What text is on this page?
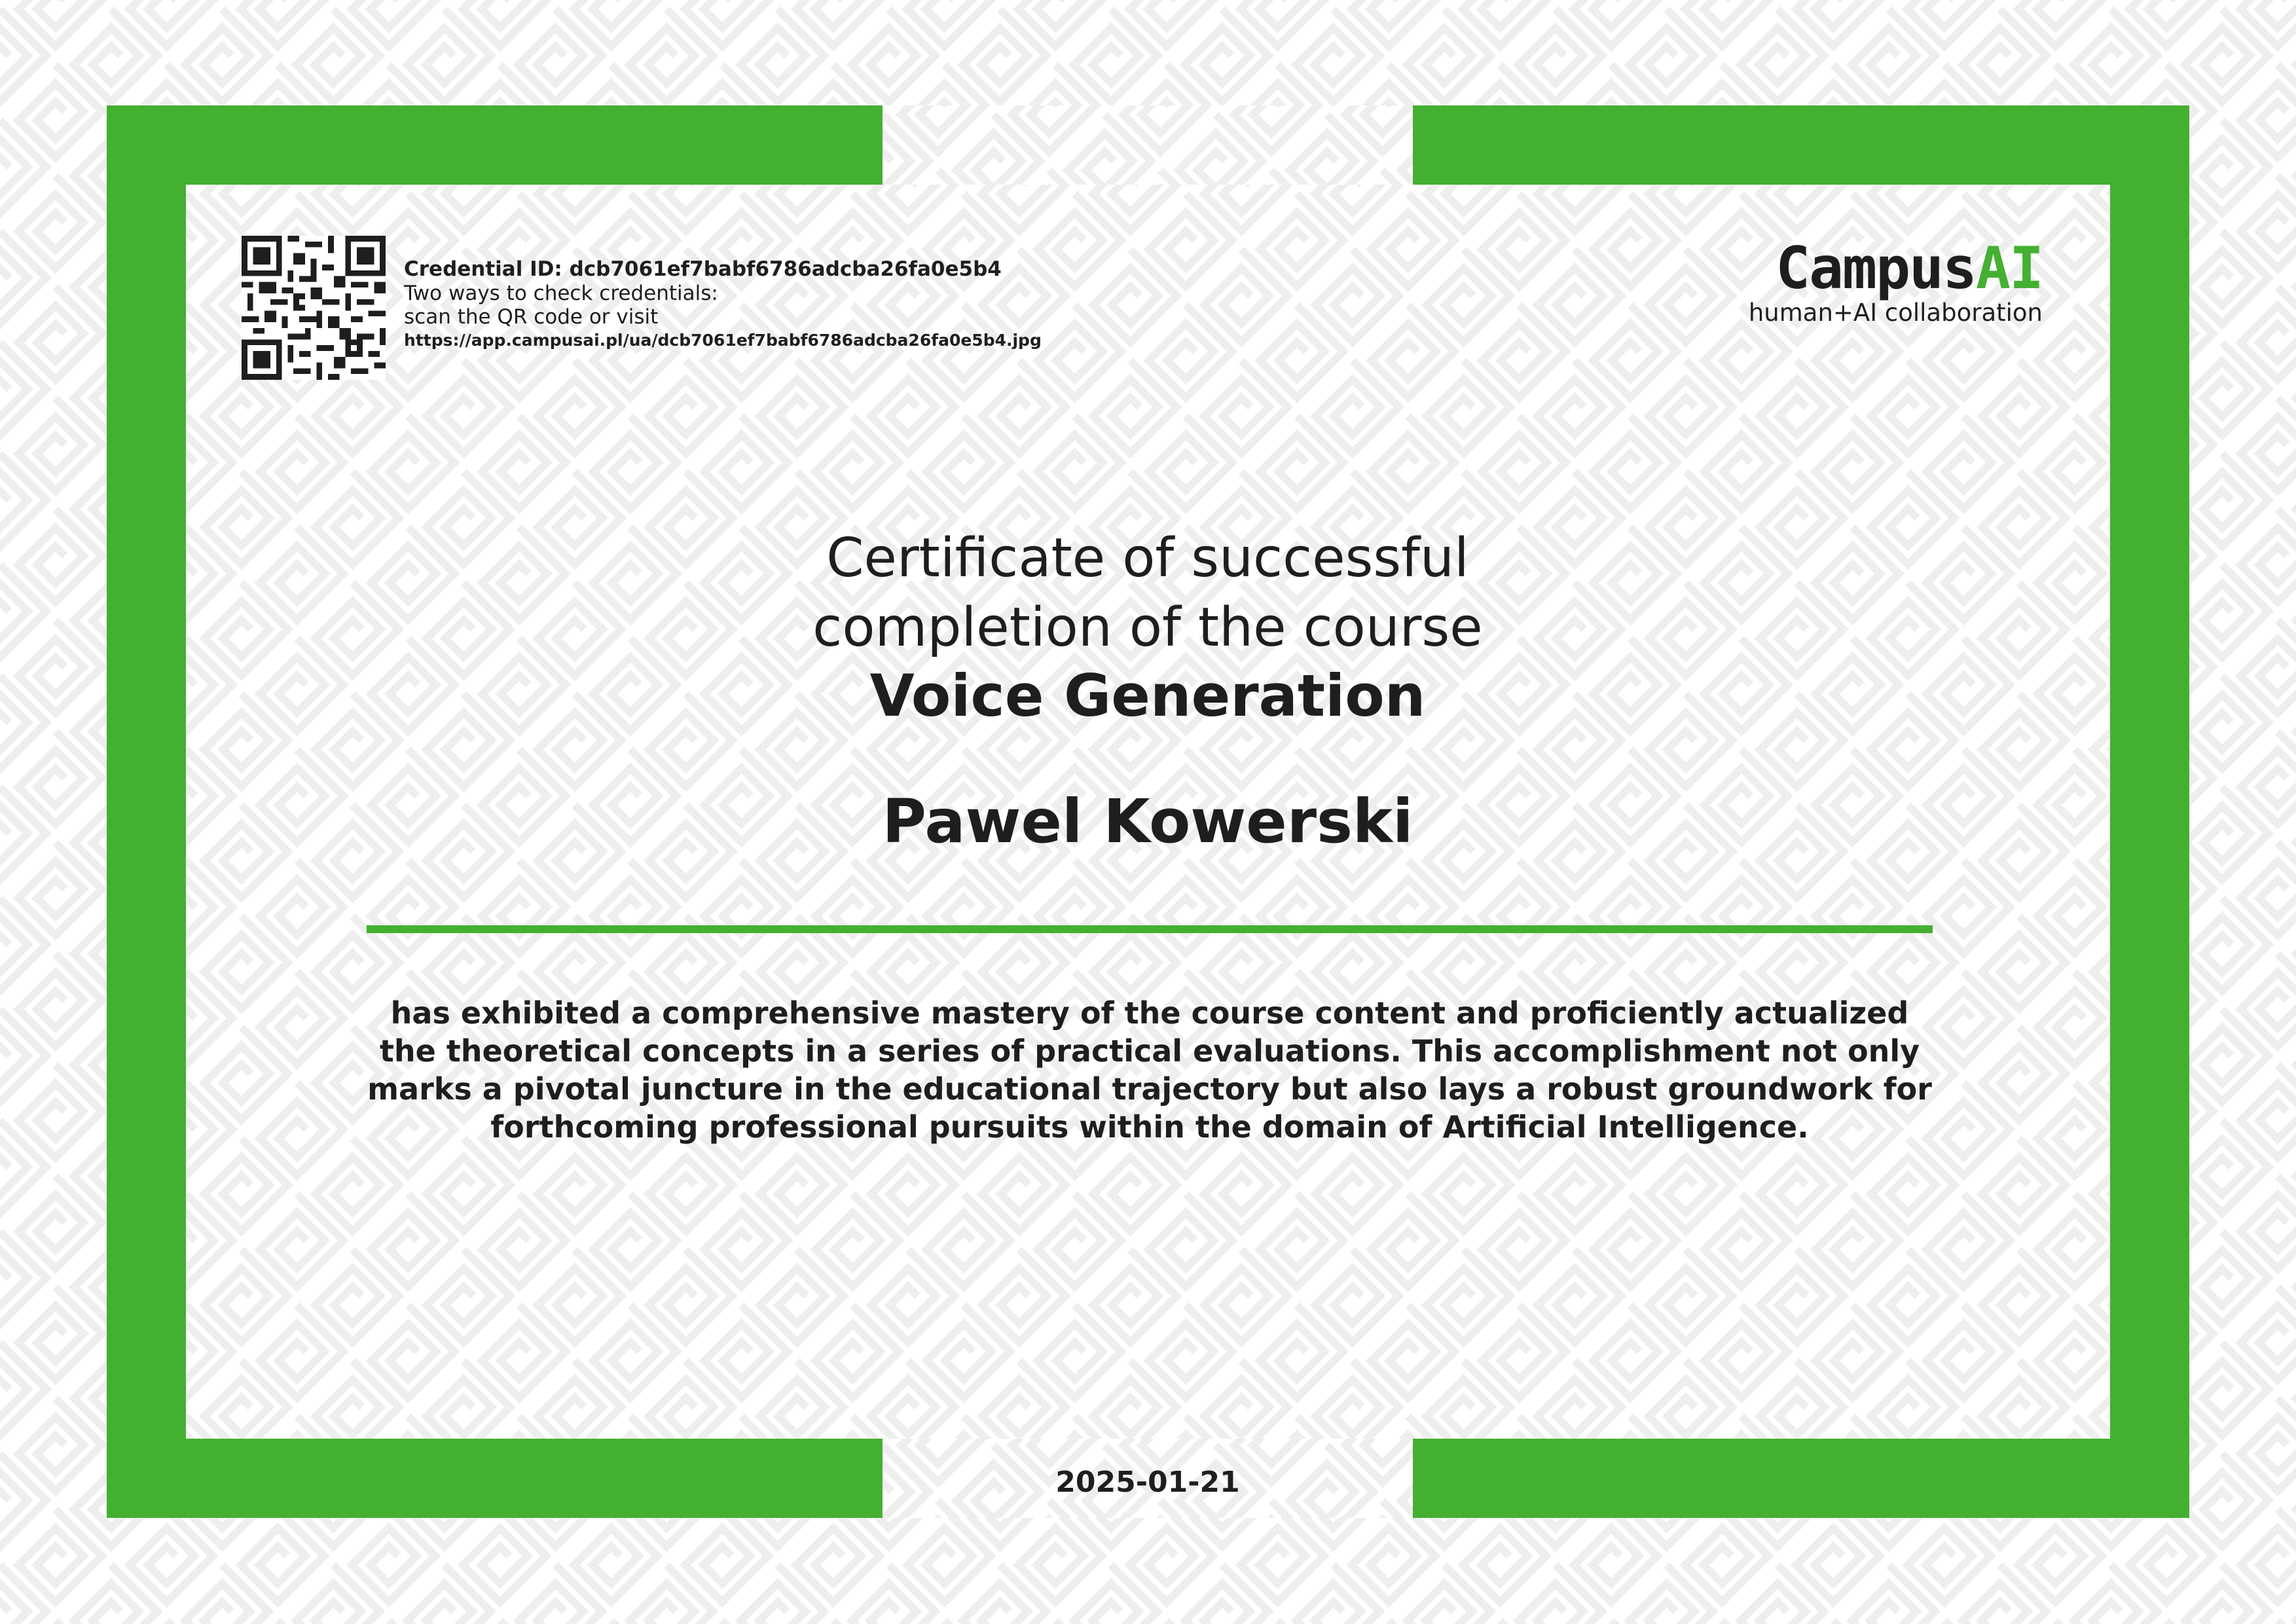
Credential ID: dcb7061ef7babf6786adcba26fa0e5b4
Two ways to check credentials:
scan the QR code or visit
https://app.campusai.pl/ua/dcb7061ef7babf6786adcba26fa0e5b4.jpg
CampusAI
human+AI collaboration
Certificate of successful
completion of the course
Voice Generation
Pawel Kowerski
has exhibited a comprehensive mastery of the course content and proficiently actualized the theoretical concepts in a series of practical evaluations. This accomplishment not only marks a pivotal juncture in the educational trajectory but also lays a robust groundwork for forthcoming professional pursuits within the domain of Artificial Intelligence.
2025-01-21
